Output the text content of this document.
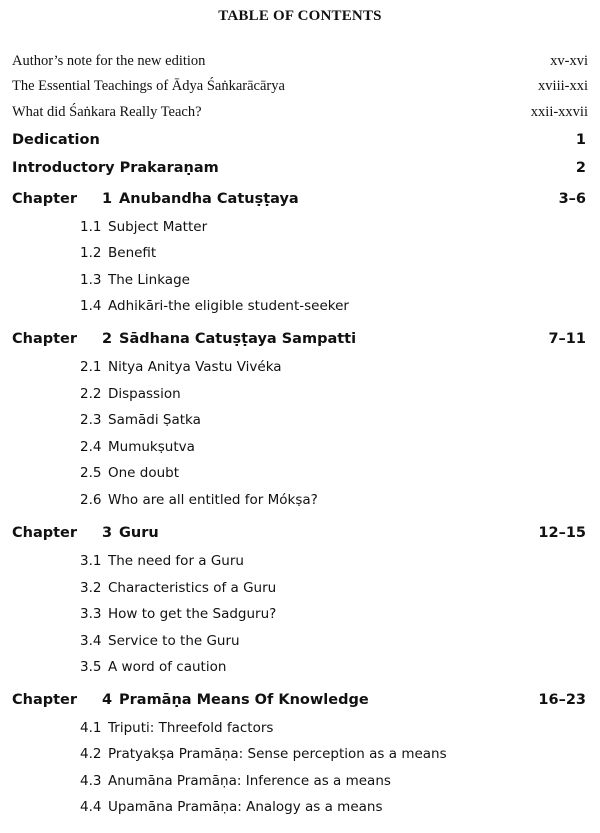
TABLE OF CONTENTS
Author’s note for the new edition	xv-xvi
The Essential Teachings of Ādya Śaṅkarācārya	xviii-xxi
What did Śaṅkara Really Teach?	xxii-xxvii
Dedication	1
Introductory Prakaraṇam	2
Chapter 1 Anubandha Catuṣṭaya	3–6
1.1 Subject Matter
1.2 Benefit
1.3 The Linkage
1.4 Adhikāri-the eligible student-seeker
Chapter 2 Sādhana Catuṣṭaya Sampatti	7–11
2.1 Nitya Anitya Vastu Vivéka
2.2 Dispassion
2.3 Samādi Ṣatka
2.4 Mumukṣutva
2.5 One doubt
2.6 Who are all entitled for Mókṣa?
Chapter 3 Guru	12–15
3.1 The need for a Guru
3.2 Characteristics of a Guru
3.3 How to get the Sadguru?
3.4 Service to the Guru
3.5 A word of caution
Chapter 4 Pramāṇa Means Of Knowledge	16–23
4.1 Triputi: Threefold factors
4.2 Pratyakṣa Pramāṇa: Sense perception as a means
4.3 Anumāna Pramāṇa: Inference as a means
4.4 Upamāna Pramāṇa: Analogy as a means
